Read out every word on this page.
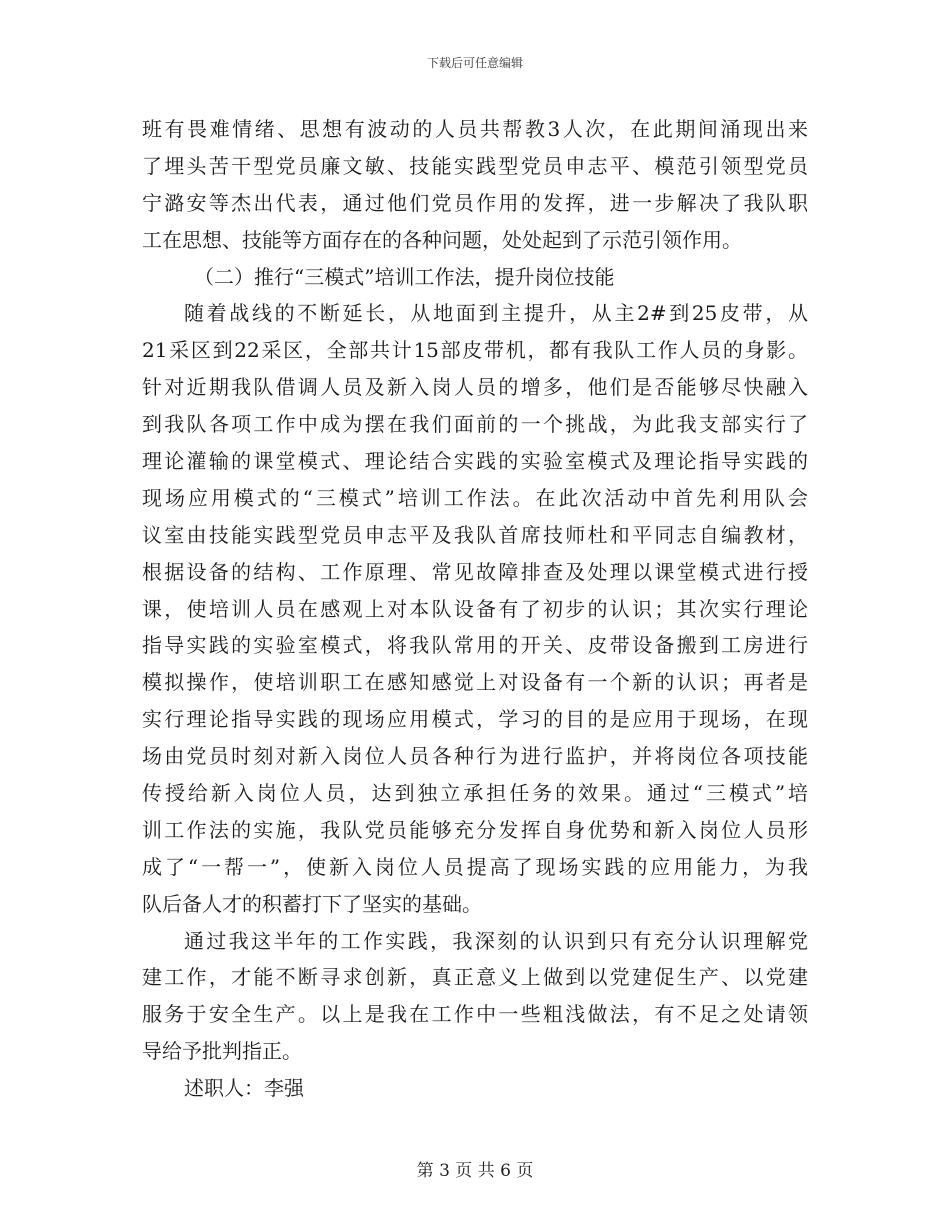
下载后可任意编辑
班有畏难情绪、思想有波动的人员共帮教3人次，在此期间涌现出来
了埋头苦干型党员廉文敏、技能实践型党员申志平、模范引领型党员
宁潞安等杰出代表，通过他们党员作用的发挥，进一步解决了我队职
工在思想、技能等方面存在的各种问题，处处起到了示范引领作用。
（二）推行“三模式”培训工作法，提升岗位技能
随着战线的不断延长，从地面到主提升，从主2#到25皮带，从
21采区到22采区，全部共计15部皮带机，都有我队工作人员的身影。
针对近期我队借调人员及新入岗人员的增多，他们是否能够尽快融入
到我队各项工作中成为摆在我们面前的一个挑战，为此我支部实行了
理论灌输的课堂模式、理论结合实践的实验室模式及理论指导实践的
现场应用模式的“三模式”培训工作法。在此次活动中首先利用队会
议室由技能实践型党员申志平及我队首席技师杜和平同志自编教材，
根据设备的结构、工作原理、常见故障排查及处理以课堂模式进行授
课，使培训人员在感观上对本队设备有了初步的认识；其次实行理论
指导实践的实验室模式，将我队常用的开关、皮带设备搬到工房进行
模拟操作，使培训职工在感知感觉上对设备有一个新的认识；再者是
实行理论指导实践的现场应用模式，学习的目的是应用于现场，在现
场由党员时刻对新入岗位人员各种行为进行监护，并将岗位各项技能
传授给新入岗位人员，达到独立承担任务的效果。通过“三模式”培
训工作法的实施，我队党员能够充分发挥自身优势和新入岗位人员形
成了“一帮一”，使新入岗位人员提高了现场实践的应用能力，为我
队后备人才的积蓄打下了坚实的基础。
通过我这半年的工作实践，我深刻的认识到只有充分认识理解党
建工作，才能不断寻求创新，真正意义上做到以党建促生产、以党建
服务于安全生产。以上是我在工作中一些粗浅做法，有不足之处请领
导给予批判指正。
述职人：李强
第 3 页 共 6 页
